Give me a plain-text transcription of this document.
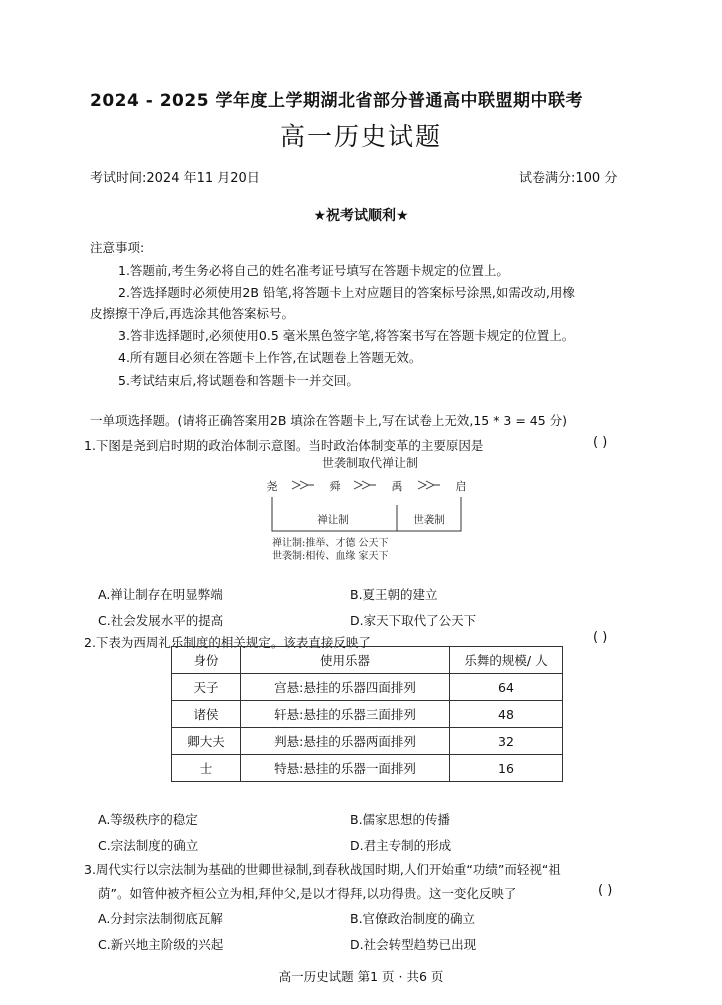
2024 - 2025 学年度上学期湖北省部分普通高中联盟期中联考
高一历史试题
考试时间:2024 年11 月20日	试卷满分:100 分
★祝考试顺利★
注意事项:
1.答题前,考生务必将自己的姓名准考证号填写在答题卡规定的位置上。
2.答选择题时必须使用2B 铅笔,将答题卡上对应题目的答案标号涂黑,如需改动,用橡
皮擦擦干净后,再选涂其他答案标号。
3.答非选择题时,必须使用0.5 毫米黑色签字笔,将答案书写在答题卡规定的位置上。
4.所有题目必须在答题卡上作答,在试题卷上答题无效。
5.考试结束后,将试题卷和答题卡一并交回。
一单项选择题。(请将正确答案用2B 填涂在答题卡上,写在试卷上无效,15 * 3 = 45 分)
1.下图是尧到启时期的政治体制示意图。当时政治体制变革的主要原因是	( )
世袭制取代禅让制
尧	舜	禹	启
禅让制	世袭制
禅让制:推举、才德 公天下
世袭制:相传、血缘 家天下
A.禅让制存在明显弊端	B.夏王朝的建立
C.社会发展水平的提高	D.家天下取代了公天下
2.下表为西周礼乐制度的相关规定。该表直接反映了	( )
身份	使用乐器	乐舞的规模/ 人
天子	宫悬:悬挂的乐器四面排列	64
诸侯	轩悬:悬挂的乐器三面排列	48
卿大夫	判悬:悬挂的乐器两面排列	32
士	特悬:悬挂的乐器一面排列	16
A.等级秩序的稳定	B.儒家思想的传播
C.宗法制度的确立	D.君主专制的形成
3.周代实行以宗法制为基础的世卿世禄制,到春秋战国时期,人们开始重“功绩”而轻视“祖
荫”。如管仲被齐桓公立为相,拜仲父,是以才得拜,以功得贵。这一变化反映了	( )
A.分封宗法制彻底瓦解	B.官僚政治制度的确立
C.新兴地主阶级的兴起	D.社会转型趋势已出现
高一历史试题 第1 页 · 共6 页
